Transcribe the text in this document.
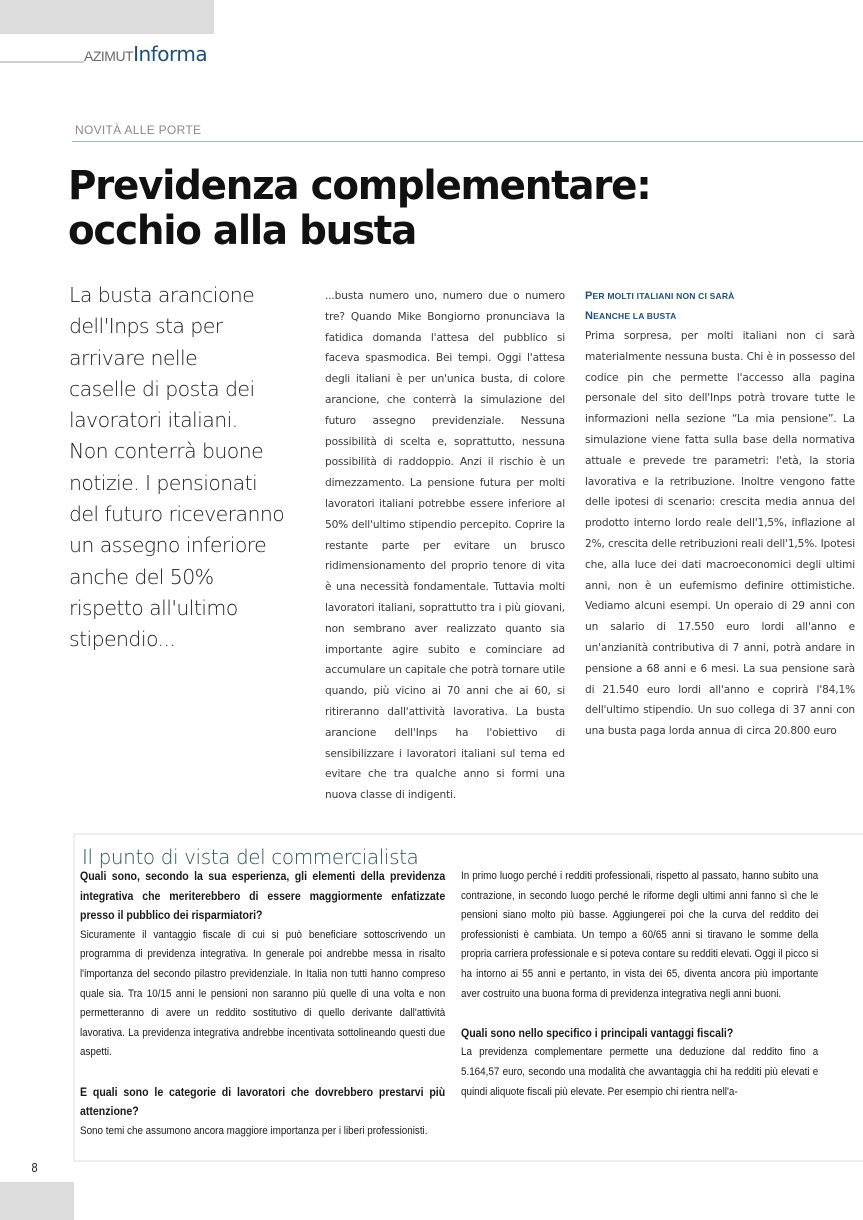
AZIMUTInforma
NOVITÀ ALLE PORTE
Previdenza complementare:
occhio alla busta
La busta arancione
dell'Inps sta per
arrivare nelle
caselle di posta dei
lavoratori italiani.
Non conterrà buone
notizie. I pensionati
del futuro riceveranno
un assegno inferiore
anche del 50%
rispetto all'ultimo
stipendio...

...busta numero uno, numero due o numero tre? Quando Mike Bongiorno pronunciava la fatidica domanda l'attesa del pubblico si faceva spasmodica. Bei tempi. Oggi l'attesa degli italiani è per un'unica busta, di colore arancione, che conterrà la simulazione del futuro assegno previdenziale. Nessuna possibilità di scelta e, soprattutto, nessuna possibilità di raddoppio. Anzi il rischio è un dimezzamento. La pensione futura per molti lavoratori italiani potrebbe essere inferiore al 50% dell'ultimo stipendio percepito. Coprire la restante parte per evitare un brusco ridimensionamento del proprio tenore di vita è una necessità fondamentale. Tuttavia molti lavoratori italiani, soprattutto tra i più giovani, non sembrano aver realizzato quanto sia importante agire subito e cominciare ad accumulare un capitale che potrà tornare utile quando, più vicino ai 70 anni che ai 60, si ritireranno dall'attività lavorativa. La busta arancione dell'Inps ha l'obiettivo di sensibilizzare i lavoratori italiani sul tema ed evitare che tra qualche anno si formi una nuova classe di indigenti.

PER MOLTI ITALIANI NON CI SARÀ

NEANCHE LA BUSTA

Prima sorpresa, per molti italiani non ci sarà materialmente nessuna busta. Chi è in possesso del codice pin che permette l'accesso alla pagina personale del sito dell'Inps potrà trovare tutte le informazioni nella sezione “La mia pensione”. La simulazione viene fatta sulla base della normativa attuale e prevede tre parametri: l'età, la storia lavorativa e la retribuzione. Inoltre vengono fatte delle ipotesi di scenario: crescita media annua del prodotto interno lordo reale dell'1,5%, inflazione al 2%, crescita delle retribuzioni reali dell'1,5%. Ipotesi che, alla luce dei dati macroeconomici degli ultimi anni, non è un eufemismo definire ottimistiche. Vediamo alcuni esempi. Un operaio di 29 anni con un salario di 17.550 euro lordi all'anno e un'anzianità contributiva di 7 anni, potrà andare in pensione a 68 anni e 6 mesi. La sua pensione sarà di 21.540 euro lordi all'anno e coprirà l'84,1% dell'ultimo stipendio. Un suo collega di 37 anni con una busta paga lorda annua di circa 20.800 euro

Il punto di vista del commercialista

Quali sono, secondo la sua esperienza, gli elementi della previdenza integrativa che meriterebbero di essere maggiormente enfatizzate presso il pubblico dei risparmiatori?

Sicuramente il vantaggio fiscale di cui si può beneficiare sottoscrivendo un programma di previdenza integrativa. In generale poi andrebbe messa in risalto l'importanza del secondo pilastro previdenziale. In Italia non tutti hanno compreso quale sia. Tra 10/15 anni le pensioni non saranno più quelle di una volta e non permetteranno di avere un reddito sostitutivo di quello derivante dall'attività lavorativa. La previdenza integrativa andrebbe incentivata sottolineando questi due aspetti.

E quali sono le categorie di lavoratori che dovrebbero prestarvi più attenzione?

Sono temi che assumono ancora maggiore importanza per i liberi professionisti.

In primo luogo perché i redditi professionali, rispetto al passato, hanno subito una contrazione, in secondo luogo perché le riforme degli ultimi anni fanno sì che le pensioni siano molto più basse. Aggiungerei poi che la curva del reddito dei professionisti è cambiata. Un tempo a 60/65 anni si tiravano le somme della propria carriera professionale e si poteva contare su redditi elevati. Oggi il picco si ha intorno ai 55 anni e pertanto, in vista dei 65, diventa ancora più importante aver costruito una buona forma di previdenza integrativa negli anni buoni.

Quali sono nello specifico i principali vantaggi fiscali?

La previdenza complementare permette una deduzione dal reddito fino a 5.164,57 euro, secondo una modalità che avvantaggia chi ha redditi più elevati e quindi aliquote fiscali più elevate. Per esempio chi rientra nell'a-

8
